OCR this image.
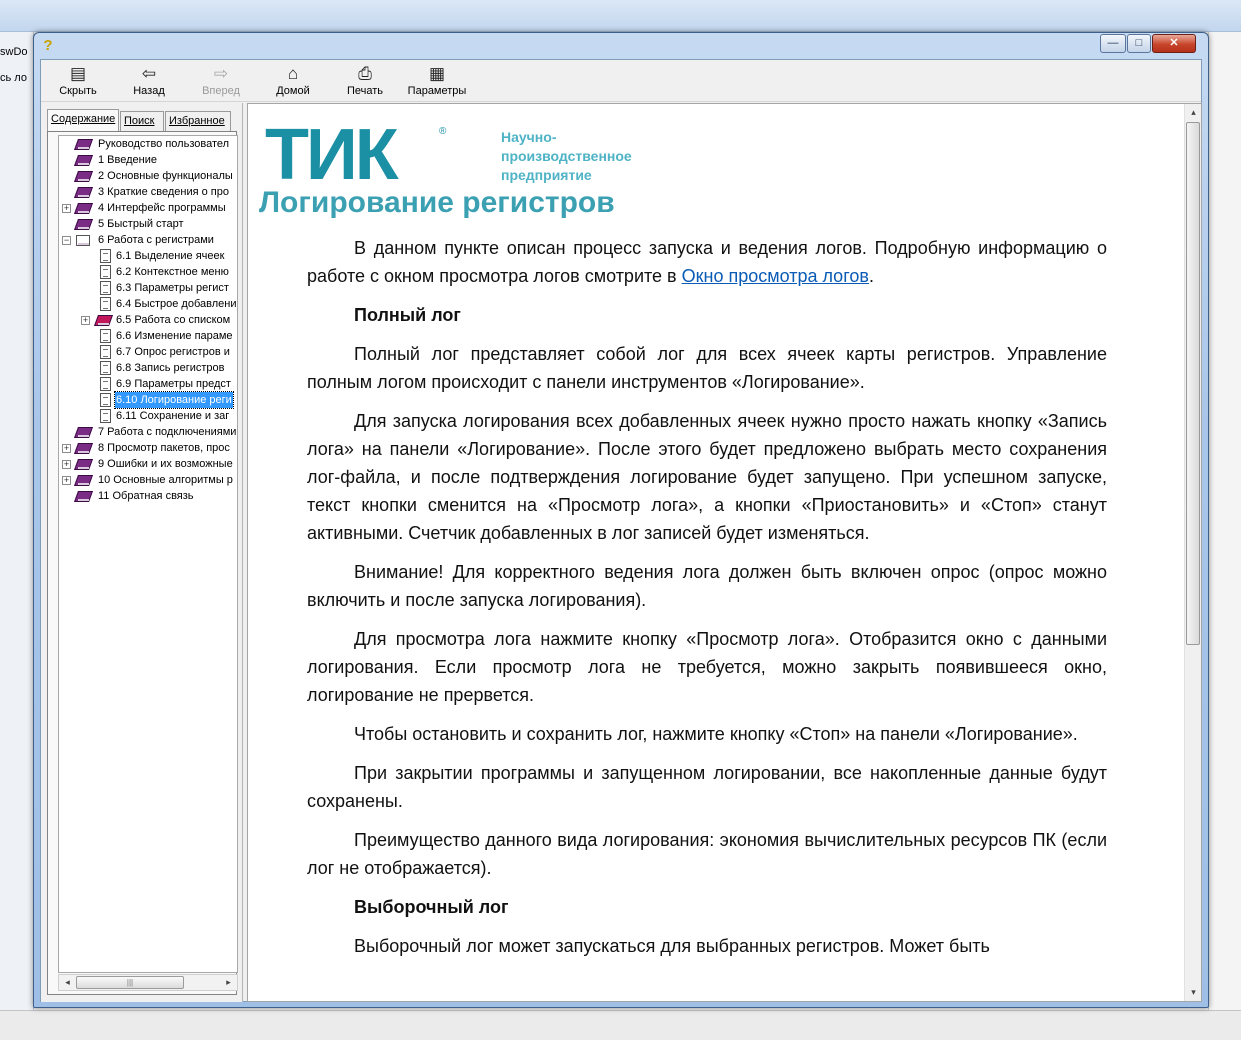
swDo
сь ло
?	—	□	✕
▤
Скрыть
⇦
Назад
⇨
Вперед
⌂
Домой
⎙
Печать
▦
Параметры
Содержание Поиск	Избранное
Руководство пользовател
1 Введение
2 Основные функционалы
3 Краткие сведения о про
+	4 Интерфейс программы
5 Быстрый старт
−	6 Работа с регистрами
6.1 Выделение ячеек
6.2 Контекстное меню
6.3 Параметры регист
6.4 Быстрое добавлени
+	6.5 Работа со списком
6.6 Изменение параме
6.7 Опрос регистров и
6.8 Запись регистров
6.9 Параметры предст
6.10 Логирование реги
6.11 Сохранение и заг
7 Работа с подключениями
+	8 Просмотр пакетов, прос
+	9 Ошибки и их возможные
+	10 Основные алгоритмы р
11 Обратная связь
◂	|||	▸
ТИК	®	Научно-
производственное
предприятие
Логирование регистров

В данном пункте описан процесс запуска и ведения логов. Подробную информацию о работе с окном просмотра логов смотрите в Окно просмотра логов.

Полный лог

Полный лог представляет собой лог для всех ячеек карты регистров. Управление полным логом происходит с панели инструментов «Логирование».

Для запуска логирования всех добавленных ячеек нужно просто нажать кнопку «Запись лога» на панели «Логирование». После этого будет предложено выбрать место сохранения лог-файла, и после подтверждения логирование будет запущено. При успешном запуске, текст кнопки сменится на «Просмотр лога», а кнопки «Приостановить» и «Стоп» станут активными. Счетчик добавленных в лог записей будет изменяться.

Внимание! Для корректного ведения лога должен быть включен опрос (опрос можно включить и после запуска логирования).

Для просмотра лога нажмите кнопку «Просмотр лога». Отобразится окно с данными логирования. Если просмотр лога не требуется, можно закрыть появившееся окно, логирование не прервется.

Чтобы остановить и сохранить лог, нажмите кнопку «Стоп» на панели «Логирование».

При закрытии программы и запущенном логировании, все накопленные данные будут сохранены.

Преимущество данного вида логирования: экономия вычислительных ресурсов ПК (если лог не отображается).

Выборочный лог

Выборочный лог может запускаться для выбранных регистров. Может быть

▴
▾
